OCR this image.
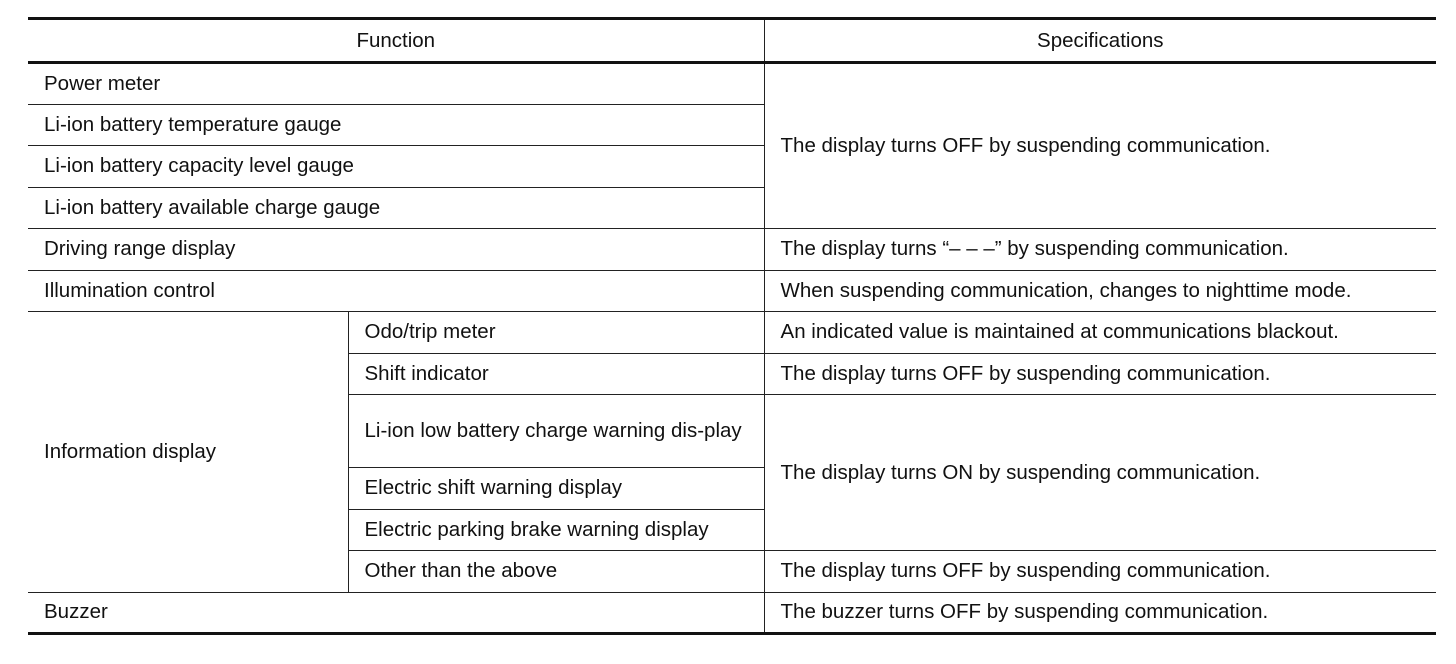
Function		Specifications
Power meter		The display turns OFF by suspending communication.
Li-ion battery temperature gauge		
Li-ion battery capacity level gauge		
Li-ion battery available charge gauge		
Driving range display		The display turns “– – –” by suspending communication.
Illumination control		When suspending communication, changes to nighttime mode.
Information display	Odo/trip meter	An indicated value is maintained at communications blackout.
	Shift indicator	The display turns OFF by suspending communication.
	Li-ion low battery charge warning dis-play	The display turns ON by suspending communication.
	Electric shift warning display	
	Electric parking brake warning display	
	Other than the above	The display turns OFF by suspending communication.
Buzzer		The buzzer turns OFF by suspending communication.
